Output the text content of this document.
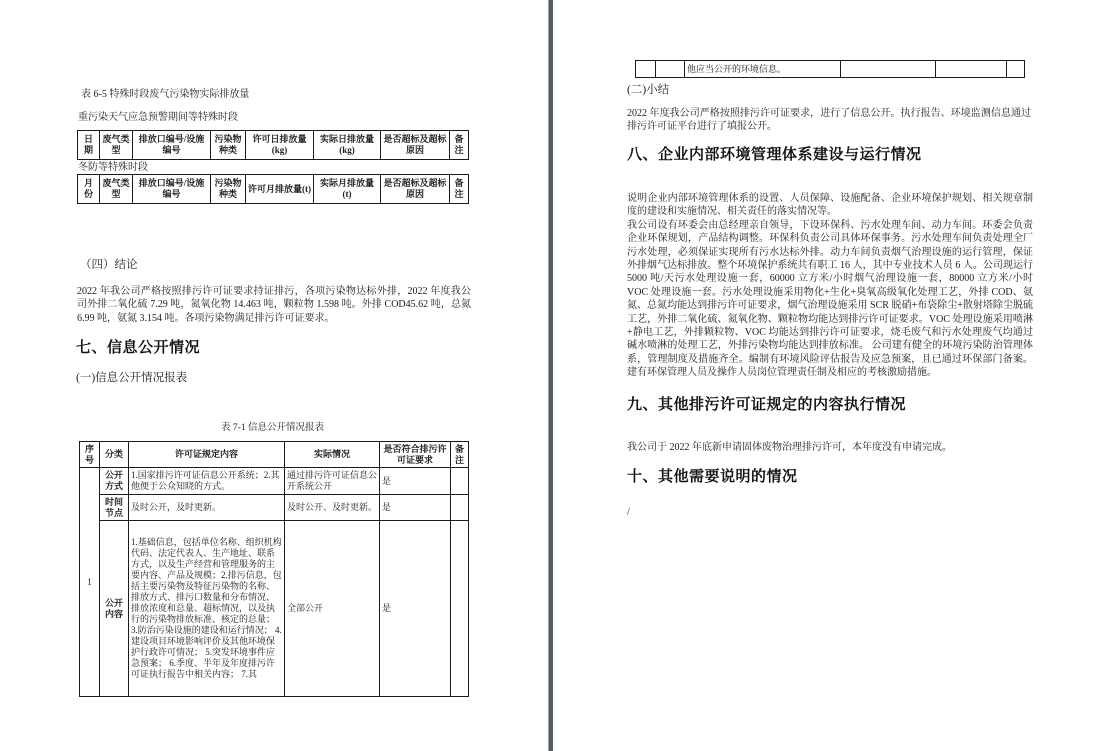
表 6-5 特殊时段废气污染物实际排放量
重污染天气应急预警期间等特殊时段
日期	废气类型	排放口编号/设施编号	污染物种类	许可日排放量(kg)	实际日排放量(kg)	是否超标及超标原因	备注
冬防等特殊时段
月份	废气类型	排放口编号/设施编号	污染物种类	许可月排放量(t)	实际月排放量(t)	是否超标及超标原因	备注
（四）结论
2022 年我公司严格按照排污许可证要求持证排污，各项污染物达标外排，2022 年度我公司外排二氧化硫 7.29 吨，氮氧化物 14.463 吨，颗粒物 1.598 吨。外排 COD45.62 吨，总氮 6.99 吨，氨氮 3.154 吨。各项污染物满足排污许可证要求。
七、信息公开情况
(一)信息公开情况报表
表 7-1 信息公开情况报表
序号	分类	许可证规定内容	实际情况	是否符合排污许可证要求	备注
1	公开方式	1.国家排污许可证信息公开系统；2.其他便于公众知晓的方式。	通过排污许可证信息公开系统公开	是	
	时间节点	及时公开，及时更新。	及时公开、及时更新。	是	
	公开内容	1.基础信息，包括单位名称、组织机构代码、法定代表人、生产地址、联系方式，以及生产经营和管理服务的主要内容、产品及规模；2.排污信息，包括主要污染物及特征污染物的名称、排放方式、排污口数量和分布情况、排放浓度和总量、超标情况，以及执行的污染物排放标准、核定的总量； 3.防治污染设施的建设和运行情况； 4.建设项目环境影响评价及其他环境保护行政许可情况； 5.突发环境事件应急预案； 6.季度、半年及年度排污许可证执行报告中相关内容； 7.其	全部公开	是	
		他应当公开的环境信息。			
(二)小结
2022 年度我公司严格按照排污许可证要求，进行了信息公开。执行报告、环境监测信息通过排污许可证平台进行了填报公开。
八、企业内部环境管理体系建设与运行情况

说明企业内部环境管理体系的设置、人员保障、设施配备、企业环境保护规划、相关规章制度的建设和实施情况、相关责任的落实情况等。

我公司设有环委会由总经理亲自领导，下设环保科、污水处理车间、动力车间。环委会负责企业环保规划，产品结构调整。环保科负责公司具体环保事务。污水处理车间负责处理全厂污水处理，必须保证实现所有污水达标外排。动力车间负责烟气治理设施的运行管理，保证外排烟气达标排放。整个环境保护系统共有职工 16 人，其中专业技术人员 6 人。公司现运行 5000 吨/天污水处理设施一套，60000 立方米/小时烟气治理设施一套，80000 立方米/小时 VOC 处理设施一套。污水处理设施采用物化+生化+臭氧高级氧化处理工艺，外排 COD、氨氮、总氮均能达到排污许可证要求，烟气治理设施采用 SCR 脱硝+布袋除尘+散射塔除尘脱硫工艺，外排二氧化硫、氮氧化物、颗粒物均能达到排污许可证要求。VOC 处理设施采用喷淋+静电工艺，外排颗粒物、VOC 均能达到排污许可证要求，烧毛废气和污水处理废气均通过碱水喷淋的处理工艺，外排污染物均能达到排放标准。 公司建有健全的环境污染防治管理体系，管理制度及措施齐全。编制有环境风险评估报告及应急预案，且已通过环保部门备案。建有环保管理人员及操作人员岗位管理责任制及相应的考核激励措施。

九、其他排污许可证规定的内容执行情况
我公司于 2022 年底新申请固体废物治理排污许可，本年度没有申请完成。
十、其他需要说明的情况
/
